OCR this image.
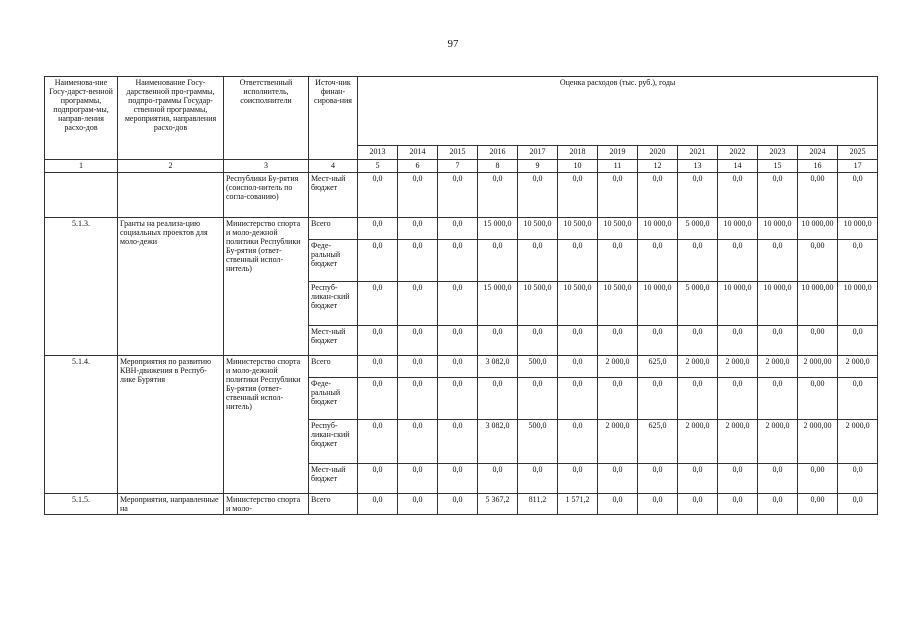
97
Наименова-ние Госу-дарст-венной программы, подпрограм-мы, направ-ления расхо-дов	Наименование Госу-дарственной про-граммы, подпро-граммы Государ-ственной программы, мероприятия, направления расхо-дов	Ответственный исполнитель, соисполнители	Источ-ник финан-сирова-ния	Оценка расходов (тыс. руб.), годы												
				2013	2014	2015	2016	2017	2018	2019	2020	2021	2022	2023	2024	2025
1	2	3	4	5	6	7	8	9	10	11	12	13	14	15	16	17
		Республики Бу-рятия (соиспол-нитель по согла-сованию)	Мест-ный бюджет	0,0	0,0	0,0	0,0	0,0	0,0	0,0	0,0	0,0	0,0	0,0	0,00	0,0
5.1.3.	Гранты на реализа-цию социальных проектов для моло-дежи	Министерство спорта и моло-дежной политики Республики Бу-рятия (ответ-ственный испол-нитель)	Всего	0,0	0,0	0,0	15 000,0	10 500,0	10 500,0	10 500,0	10 000,0	5 000,0	10 000,0	10 000,0	10 000,00	10 000,0
			Феде-ральный бюджет	0,0	0,0	0,0	0,0	0,0	0,0	0,0	0,0	0,0	0,0	0,0	0,00	0,0
			Респуб-ликан-ский бюджет	0,0	0,0	0,0	15 000,0	10 500,0	10 500,0	10 500,0	10 000,0	5 000,0	10 000,0	10 000,0	10 000,00	10 000,0
			Мест-ный бюджет	0,0	0,0	0,0	0,0	0,0	0,0	0,0	0,0	0,0	0,0	0,0	0,00	0,0
5.1.4.	Мероприятия по развитию КВН-движения в Респуб-лике Бурятия	Министерство спорта и моло-дежной политики Республики Бу-рятия (ответ-ственный испол-нитель)	Всего	0,0	0,0	0,0	3 082,0	500,0	0,0	2 000,0	625,0	2 000,0	2 000,0	2 000,0	2 000,00	2 000,0
			Феде-ральный бюджет	0,0	0,0	0,0	0,0	0,0	0,0	0,0	0,0	0,0	0,0	0,0	0,00	0,0
			Респуб-ликан-ский бюджет	0,0	0,0	0,0	3 082,0	500,0	0,0	2 000,0	625,0	2 000,0	2 000,0	2 000,0	2 000,00	2 000,0
			Мест-ный бюджет	0,0	0,0	0,0	0,0	0,0	0,0	0,0	0,0	0,0	0,0	0,0	0,00	0,0
5.1.5.	Мероприятия, направленные на	Министерство спорта и моло-	Всего	0,0	0,0	0,0	5 367,2	811,2	1 571,2	0,0	0,0	0,0	0,0	0,0	0,00	0,0
